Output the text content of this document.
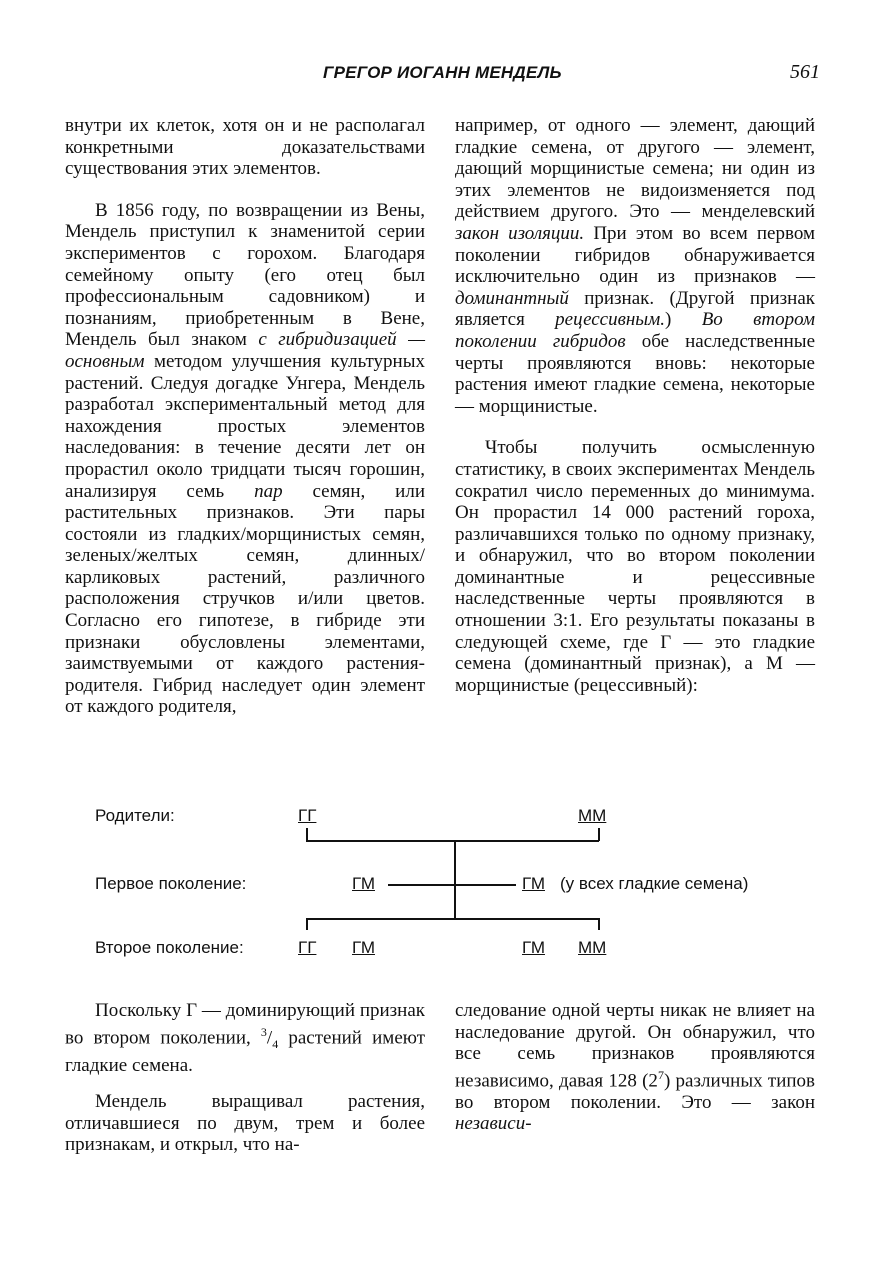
ГРЕГОР ИОГАНН МЕНДЕЛЬ	561

внутри их клеток, хотя он и не располагал конкретными доказательствами существования этих элементов.

В 1856 году, по возвращении из Вены, Мендель приступил к знаменитой серии экспериментов с горохом. Благодаря семейному опыту (его отец был профессиональным садовником) и познаниям, приобретенным в Вене, Мендель был знаком с гибридизацией — основным методом улучшения культурных растений. Следуя догадке Унгера, Мендель разработал экспериментальный метод для нахождения простых элементов наследования: в течение десяти лет он прорастил около тридцати тысяч горошин, анализируя семь пар семян, или растительных признаков. Эти пары состояли из гладких/морщинистых семян, зеленых/желтых семян, длинных/карликовых растений, различного расположения стручков и/или цветов. Согласно его гипотезе, в гибриде эти признаки обусловлены элементами, заимствуемыми от каждого растения-родителя. Гибрид наследует один элемент от каждого родителя,

например, от одного — элемент, дающий гладкие семена, от другого — элемент, дающий морщинистые семена; ни один из этих элементов не видоизменяется под действием другого. Это — менделевский закон изоляции. При этом во всем первом поколении гибридов обнаруживается исключительно один из признаков — доминантный признак. (Другой признак является рецессивным.) Во втором поколении гибридов обе наследственные черты проявляются вновь: некоторые растения имеют гладкие семена, некоторые — морщинистые.

Чтобы получить осмысленную статистику, в своих экспериментах Мендель сократил число переменных до минимума. Он прорастил 14 000 растений гороха, различавшихся только по одному признаку, и обнаружил, что во втором поколении доминантные и рецессивные наследственные черты проявляются в отношении 3:1. Его результаты показаны в следующей схеме, где Г — это гладкие семена (доминантный признак), а М — морщинистые (рецессивный):

Родители:
Первое поколение:
Второе поколение:
ГГ	ММ
ГМ	ГМ (у всех гладкие семена)
ГГ ГМ	ГМ ММ

Поскольку Г — доминирующий признак во втором поколении, $^3/_4$ растений имеют гладкие семена.

Мендель выращивал растения, отличавшиеся по двум, трем и более признакам, и открыл, что на-

следование одной черты никак не влияет на наследование другой. Он обнаружил, что все семь признаков проявляются независимо, давая 128 $(2^7)$ различных типов во втором поколении. Это — закон независи-
